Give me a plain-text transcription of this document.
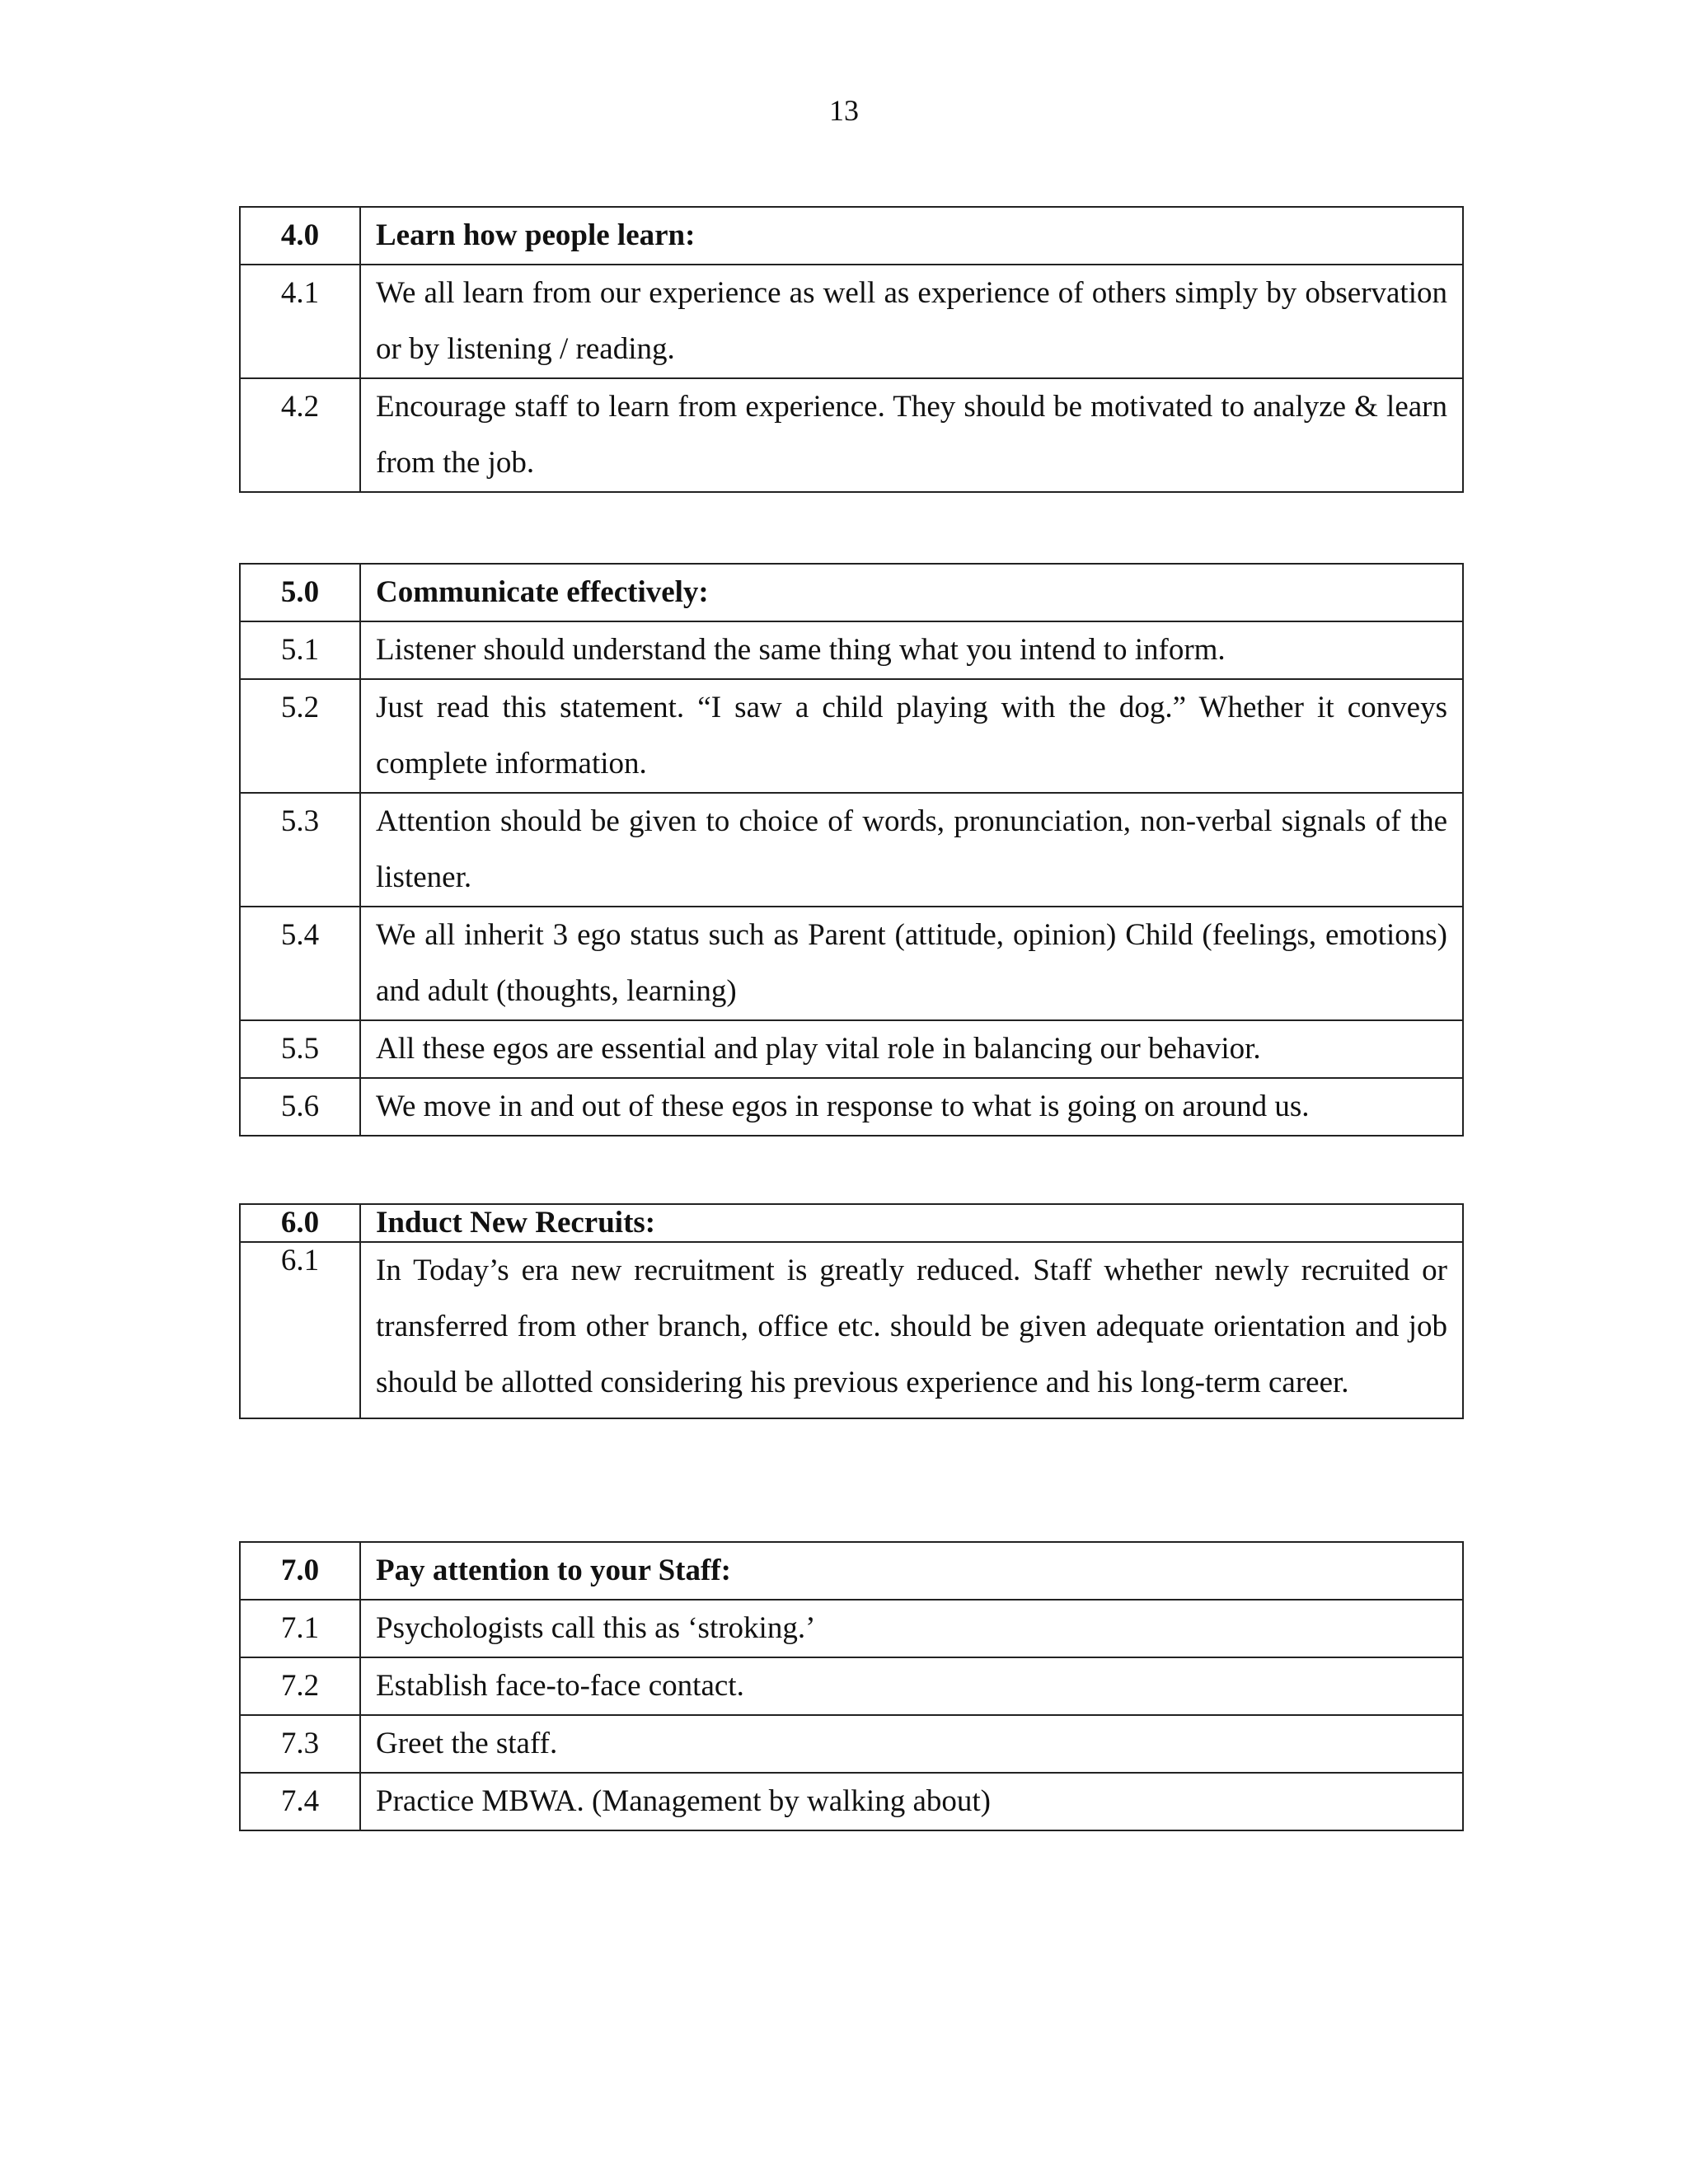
13
4.0	Learn how people learn:
4.1	We all learn from our experience as well as experience of others simply by observation or by listening / reading.
4.2	Encourage staff to learn from experience. They should be motivated to analyze & learn from the job.
5.0	Communicate effectively:
5.1	Listener should understand the same thing what you intend to inform.
5.2	Just read this statement. “I saw a child playing with the dog.” Whether it conveys complete information.
5.3	Attention should be given to choice of words, pronunciation, non-verbal signals of the listener.
5.4	We all inherit 3 ego status such as Parent (attitude, opinion) Child (feelings, emotions) and adult (thoughts, learning)
5.5	All these egos are essential and play vital role in balancing our behavior.
5.6	We move in and out of these egos in response to what is going on around us.
6.0	Induct New Recruits:
6.1	In Today’s era new recruitment is greatly reduced. Staff whether newly recruited or transferred from other branch, office etc. should be given adequate orientation and job should be allotted considering his previous experience and his long-term career.
7.0	Pay attention to your Staff:
7.1	Psychologists call this as ‘stroking.’
7.2	Establish face-to-face contact.
7.3	Greet the staff.
7.4	Practice MBWA. (Management by walking about)
